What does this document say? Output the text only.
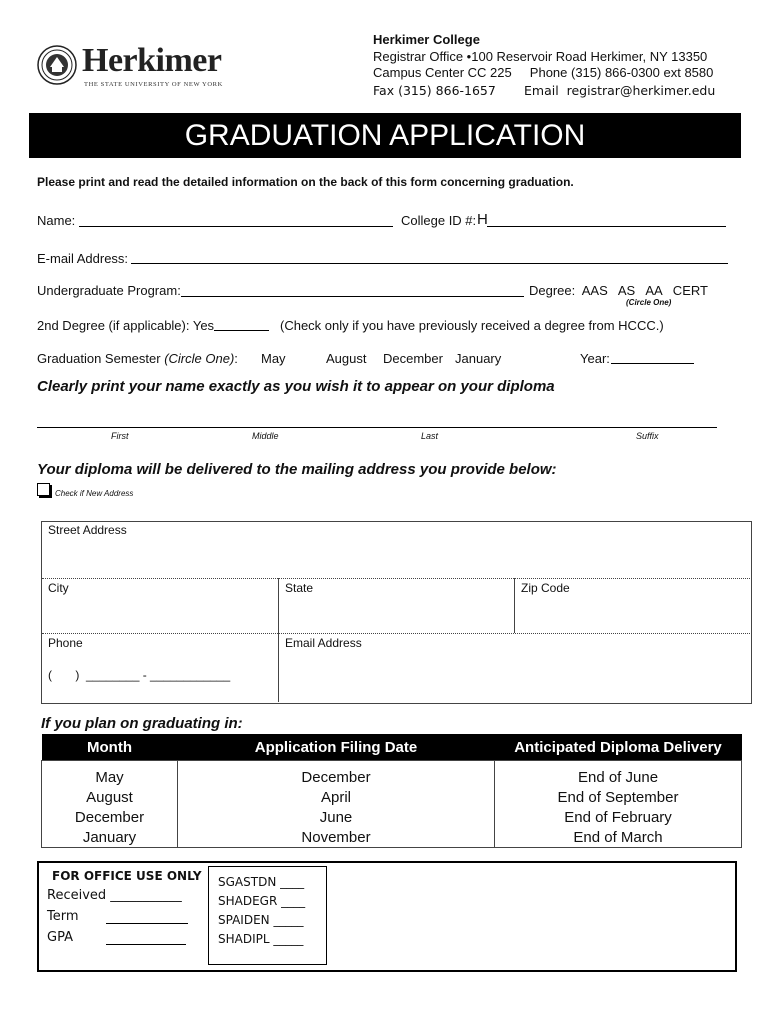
Herkimer
THE STATE UNIVERSITY OF NEW YORK
Herkimer College
Registrar Office •100 Reservoir Road Herkimer, NY 13350
Campus Center CC 225     Phone (315) 866-0300 ext 8580
Fax (315) 866-1657 Email  registrar@herkimer.edu
GRADUATION APPLICATION
Please print and read the detailed information on the back of this form concerning graduation.
Name:	College ID #: H
E-mail Address:
Undergraduate Program:	Degree:  AAS   AS   AA   CERT
(Circle One)
2nd Degree (if applicable): Yes	(Check only if you have previously received a degree from HCCC.)
Graduation Semester (Circle One): May	August December January	Year:
Clearly print your name exactly as you wish it to appear on your diploma
First	Middle	Last	Suffix
Your diploma will be delivered to the mailing address you provide below:
Check if New Address
Street Address
City	State	Zip Code
Phone	Email Address
(       )  ________ - ____________
If you plan on graduating in:
Month	Application Filing Date	Anticipated Diploma Delivery
May	December	End of June
August	April	End of September
December	June	End of February
January	November	End of March
FOR OFFICE USE ONLY
Received ___________
Term
GPA
SGASTDN ____
SHADEGR ____
SPAIDEN _____
SHADIPL _____
